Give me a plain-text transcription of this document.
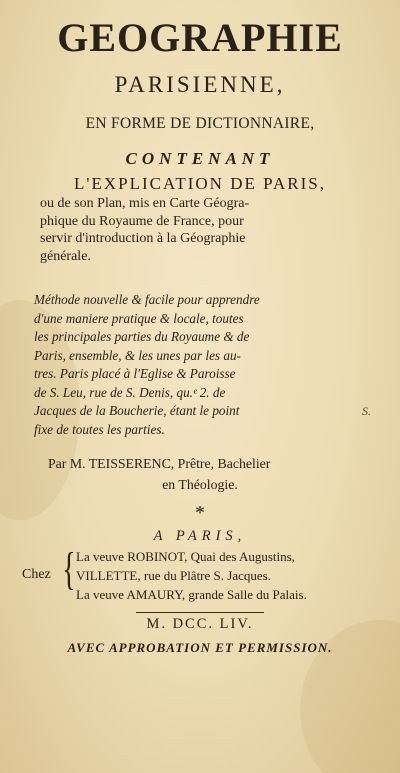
GEOGRAPHIE
PARISIENNE,
EN FORME DE DICTIONNAIRE,
CONTENANT
L'EXPLICATION DE PARIS,
ou de son Plan, mis en Carte Géogra-
phique du Royaume de France, pour
servir d'introduction à la Géographie
générale.
Méthode nouvelle & facile pour apprendre
d'une maniere pratique & locale, toutes
les principales parties du Royaume & de
Paris, ensemble, & les unes par les au-
tres. Paris placé à l'Eglise & Paroisse
de S. Leu, rue de S. Denis, qu.ᵉ 2. de
Jacques de la Boucherie, étant le point
fixe de toutes les parties.
S.
Par M. TEISSERENC, Prêtre, Bachelier
en Théologie.
*
A PARIS,
Chez { La veuve ROBINOT, Quai des Augustins,
VILLETTE, rue du Plâtre S. Jacques.
La veuve AMAURY, grande Salle du Palais.
M. DCC. LIV.
AVEC APPROBATION ET PERMISSION.
